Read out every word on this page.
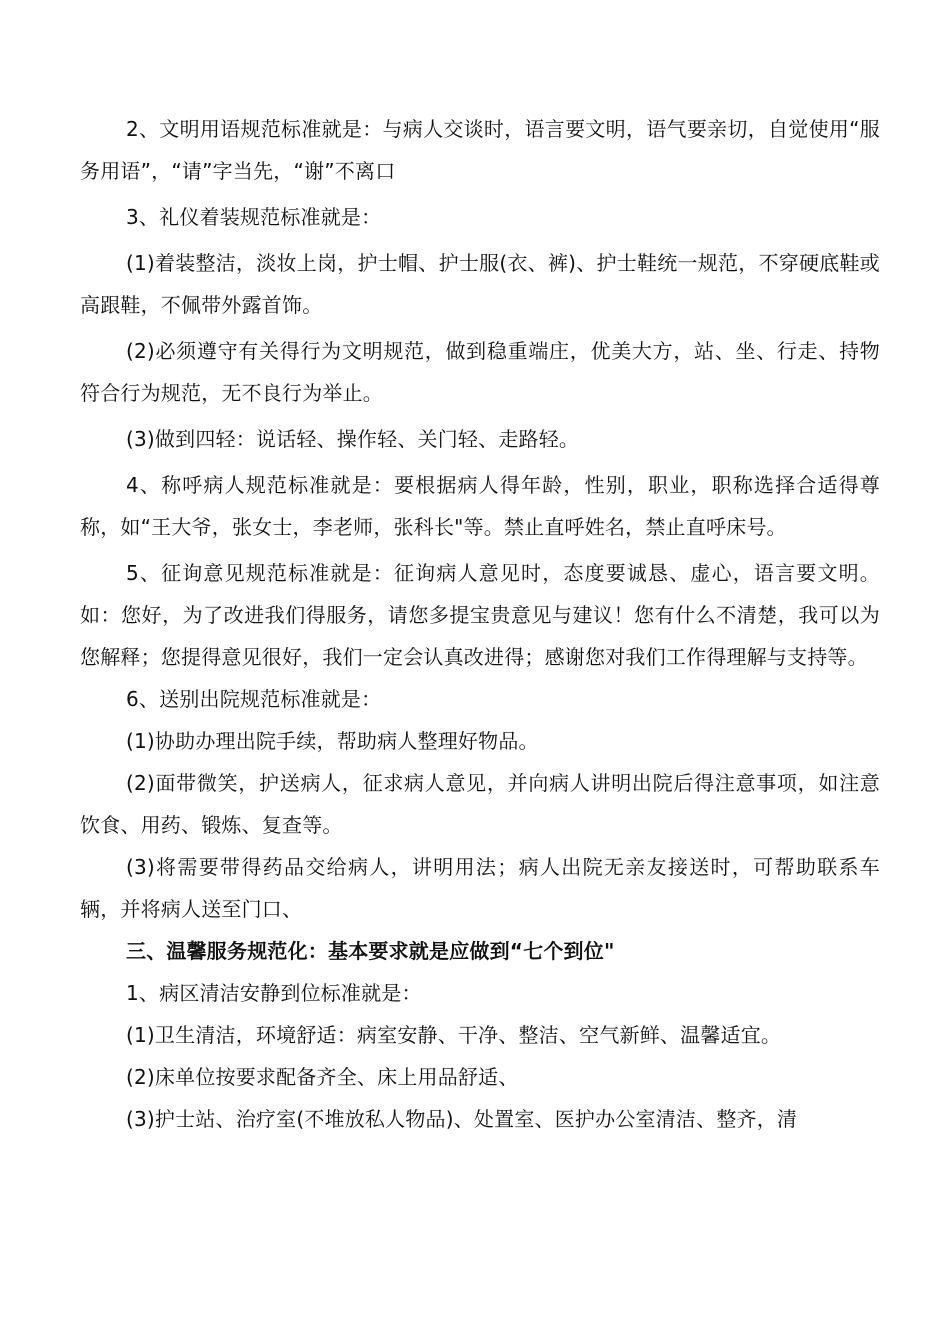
2、文明用语规范标准就是：与病人交谈时，语言要文明，语气要亲切，自觉使用“服务用语”，“请”字当先，“谢”不离口

3、礼仪着装规范标准就是：

(1)着装整洁，淡妆上岗，护士帽、护士服(衣、裤)、护士鞋统一规范，不穿硬底鞋或高跟鞋，不佩带外露首饰。

(2)必须遵守有关得行为文明规范，做到稳重端庄，优美大方，站、坐、行走、持物符合行为规范，无不良行为举止。

(3)做到四轻：说话轻、操作轻、关门轻、走路轻。

4、称呼病人规范标准就是：要根据病人得年龄，性别，职业，职称选择合适得尊称，如“王大爷，张女士，李老师，张科长"等。禁止直呼姓名，禁止直呼床号。

5、征询意见规范标准就是：征询病人意见时，态度要诚恳、虚心，语言要文明。如：您好，为了改进我们得服务，请您多提宝贵意见与建议！您有什么不清楚，我可以为您解释；您提得意见很好，我们一定会认真改进得；感谢您对我们工作得理解与支持等。

6、送别出院规范标准就是：

(1)协助办理出院手续，帮助病人整理好物品。

(2)面带微笑，护送病人，征求病人意见，并向病人讲明出院后得注意事项，如注意饮食、用药、锻炼、复查等。

(3)将需要带得药品交给病人，讲明用法；病人出院无亲友接送时，可帮助联系车辆，并将病人送至门口、

三、温馨服务规范化：基本要求就是应做到“七个到位"

1、病区清洁安静到位标准就是：

(1)卫生清洁，环境舒适：病室安静、干净、整洁、空气新鲜、温馨适宜。

(2)床单位按要求配备齐全、床上用品舒适、

(3)护士站、治疗室(不堆放私人物品)、处置室、医护办公室清洁、整齐，清
